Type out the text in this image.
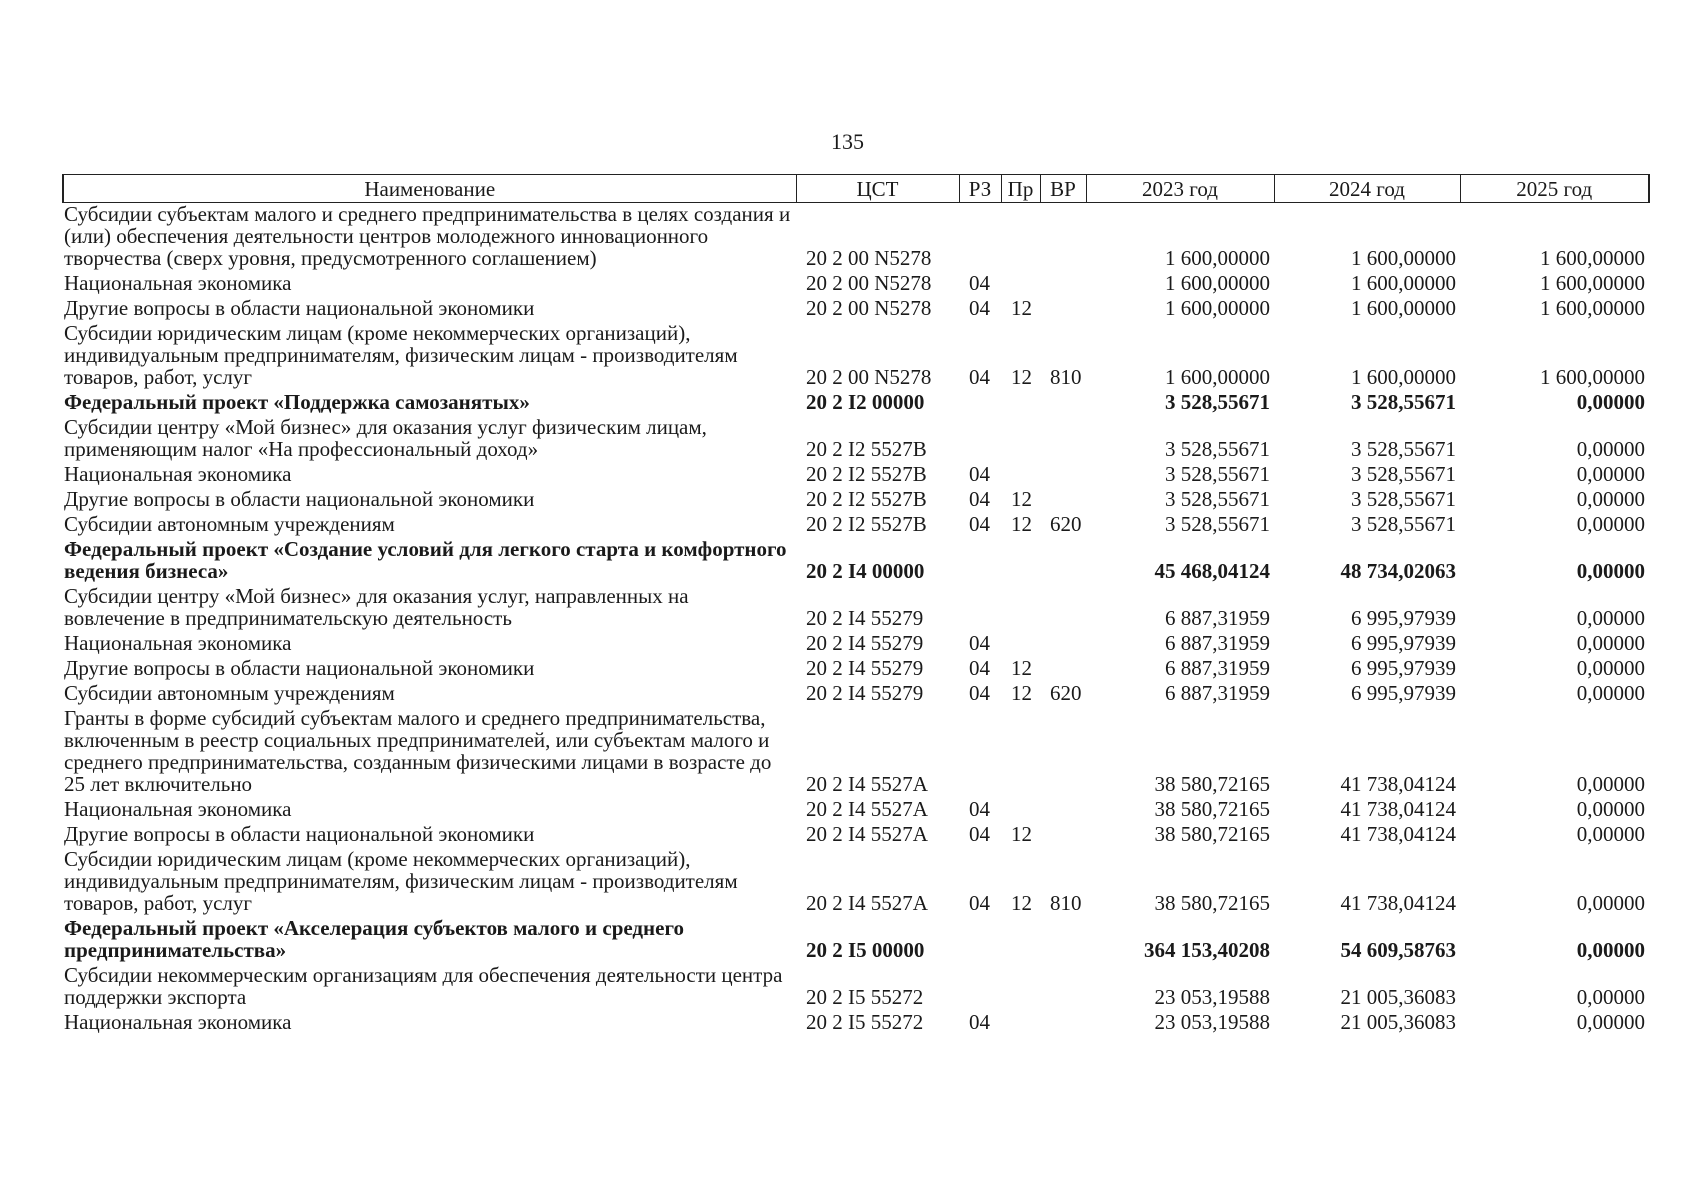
135
Наименование	ЦСТ	РЗ	Пр	ВР	2023 год	2024 год	2025 год
Субсидии субъектам малого и среднего предпринимательства в целях создания и (или) обеспечения деятельности центров молодежного инновационного творчества (сверх уровня, предусмотренного соглашением)	20 2 00 N5278				1 600,00000	1 600,00000	1 600,00000
Национальная экономика	20 2 00 N5278	04			1 600,00000	1 600,00000	1 600,00000
Другие вопросы в области национальной экономики	20 2 00 N5278	04	12		1 600,00000	1 600,00000	1 600,00000
Субсидии юридическим лицам (кроме некоммерческих организаций), индивидуальным предпринимателям, физическим лицам - производителям товаров, работ, услуг	20 2 00 N5278	04	12	810	1 600,00000	1 600,00000	1 600,00000
Федеральный проект «Поддержка самозанятых»	20 2 I2 00000				3 528,55671	3 528,55671	0,00000
Субсидии центру «Мой бизнес» для оказания услуг физическим лицам, применяющим налог «На профессиональный доход»	20 2 I2 5527B				3 528,55671	3 528,55671	0,00000
Национальная экономика	20 2 I2 5527B	04			3 528,55671	3 528,55671	0,00000
Другие вопросы в области национальной экономики	20 2 I2 5527B	04	12		3 528,55671	3 528,55671	0,00000
Субсидии автономным учреждениям	20 2 I2 5527B	04	12	620	3 528,55671	3 528,55671	0,00000
Федеральный проект «Создание условий для легкого старта и комфортного ведения бизнеса»	20 2 I4 00000				45 468,04124	48 734,02063	0,00000
Субсидии центру «Мой бизнес» для оказания услуг, направленных на вовлечение в предпринимательскую деятельность	20 2 I4 55279				6 887,31959	6 995,97939	0,00000
Национальная экономика	20 2 I4 55279	04			6 887,31959	6 995,97939	0,00000
Другие вопросы в области национальной экономики	20 2 I4 55279	04	12		6 887,31959	6 995,97939	0,00000
Субсидии автономным учреждениям	20 2 I4 55279	04	12	620	6 887,31959	6 995,97939	0,00000
Гранты в форме субсидий субъектам малого и среднего предпринимательства, включенным в реестр социальных предпринимателей, или субъектам малого и среднего предпринимательства, созданным физическими лицами в возрасте до 25 лет включительно	20 2 I4 5527A				38 580,72165	41 738,04124	0,00000
Национальная экономика	20 2 I4 5527A	04			38 580,72165	41 738,04124	0,00000
Другие вопросы в области национальной экономики	20 2 I4 5527A	04	12		38 580,72165	41 738,04124	0,00000
Субсидии юридическим лицам (кроме некоммерческих организаций), индивидуальным предпринимателям, физическим лицам - производителям товаров, работ, услуг	20 2 I4 5527A	04	12	810	38 580,72165	41 738,04124	0,00000
Федеральный проект «Акселерация субъектов малого и среднего предпринимательства»	20 2 I5 00000				364 153,40208	54 609,58763	0,00000
Субсидии некоммерческим организациям для обеспечения деятельности центра поддержки экспорта	20 2 I5 55272				23 053,19588	21 005,36083	0,00000
Национальная экономика	20 2 I5 55272	04			23 053,19588	21 005,36083	0,00000
